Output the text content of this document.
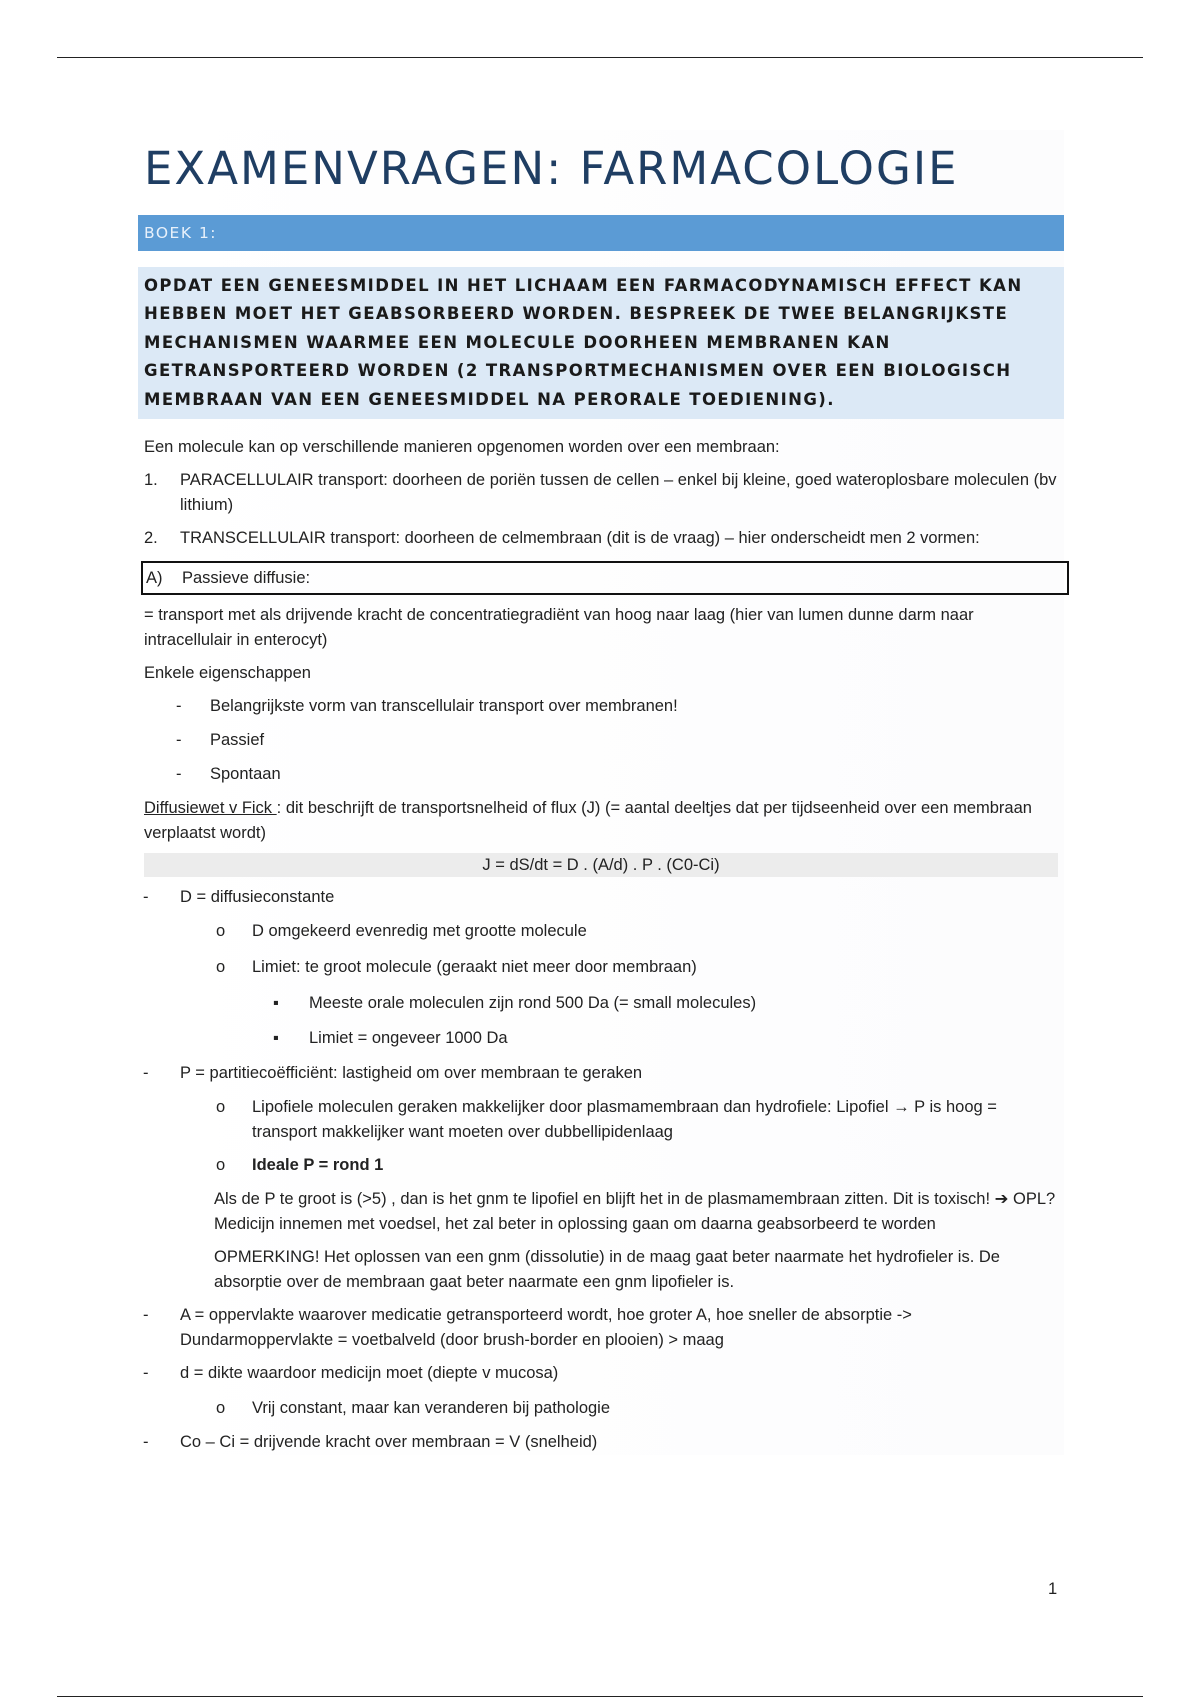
EXAMENVRAGEN: FARMACOLOGIE
BOEK 1:
OPDAT EEN GENEESMIDDEL IN HET LICHAAM EEN FARMACODYNAMISCH EFFECT KAN HEBBEN MOET HET GEABSORBEERD WORDEN. BESPREEK DE TWEE BELANGRIJKSTE MECHANISMEN WAARMEE EEN MOLECULE DOORHEEN MEMBRANEN KAN GETRANSPORTEERD WORDEN (2 TRANSPORTMECHANISMEN OVER EEN BIOLOGISCH MEMBRAAN VAN EEN GENEESMIDDEL NA PERORALE TOEDIENING).

Een molecule kan op verschillende manieren opgenomen worden over een membraan:

1. PARACELLULAIR transport: doorheen de poriën tussen de cellen – enkel bij kleine, goed wateroplosbare moleculen (bv lithium)
2. TRANSCELLULAIR transport: doorheen de celmembraan (dit is de vraag) – hier onderscheidt men 2 vormen:
A) Passieve diffusie:

= transport met als drijvende kracht de concentratiegradiënt van hoog naar laag (hier van lumen dunne darm naar intracellulair in enterocyt)

Enkele eigenschappen

- Belangrijkste vorm van transcellulair transport over membranen!
- Passief
- Spontaan

Diffusiewet v Fick : dit beschrijft de transportsnelheid of flux (J) (= aantal deeltjes dat per tijdseenheid over een membraan verplaatst wordt)

J = dS/dt = D . (A/d) . P . (C0-Ci)
- D = diffusieconstante
o D omgekeerd evenredig met grootte molecule
o Limiet: te groot molecule (geraakt niet meer door membraan)
▪ Meeste orale moleculen zijn rond 500 Da (= small molecules)
▪ Limiet = ongeveer 1000 Da
- P = partitiecoëfficiënt: lastigheid om over membraan te geraken
o Lipofiele moleculen geraken makkelijker door plasmamembraan dan hydrofiele: Lipofiel → P is hoog = transport makkelijker want moeten over dubbellipidenlaag
o Ideale P = rond 1

Als de P te groot is (>5) , dan is het gnm te lipofiel en blijft het in de plasmamembraan zitten. Dit is toxisch! ➔ OPL? Medicijn innemen met voedsel, het zal beter in oplossing gaan om daarna geabsorbeerd te worden

OPMERKING! Het oplossen van een gnm (dissolutie) in de maag gaat beter naarmate het hydrofieler is. De absorptie over de membraan gaat beter naarmate een gnm lipofieler is.

- A = oppervlakte waarover medicatie getransporteerd wordt, hoe groter A, hoe sneller de absorptie -> Dundarmoppervlakte = voetbalveld (door brush-border en plooien) > maag
- d = dikte waardoor medicijn moet (diepte v mucosa)
o Vrij constant, maar kan veranderen bij pathologie
- Co – Ci = drijvende kracht over membraan = V (snelheid)
1
